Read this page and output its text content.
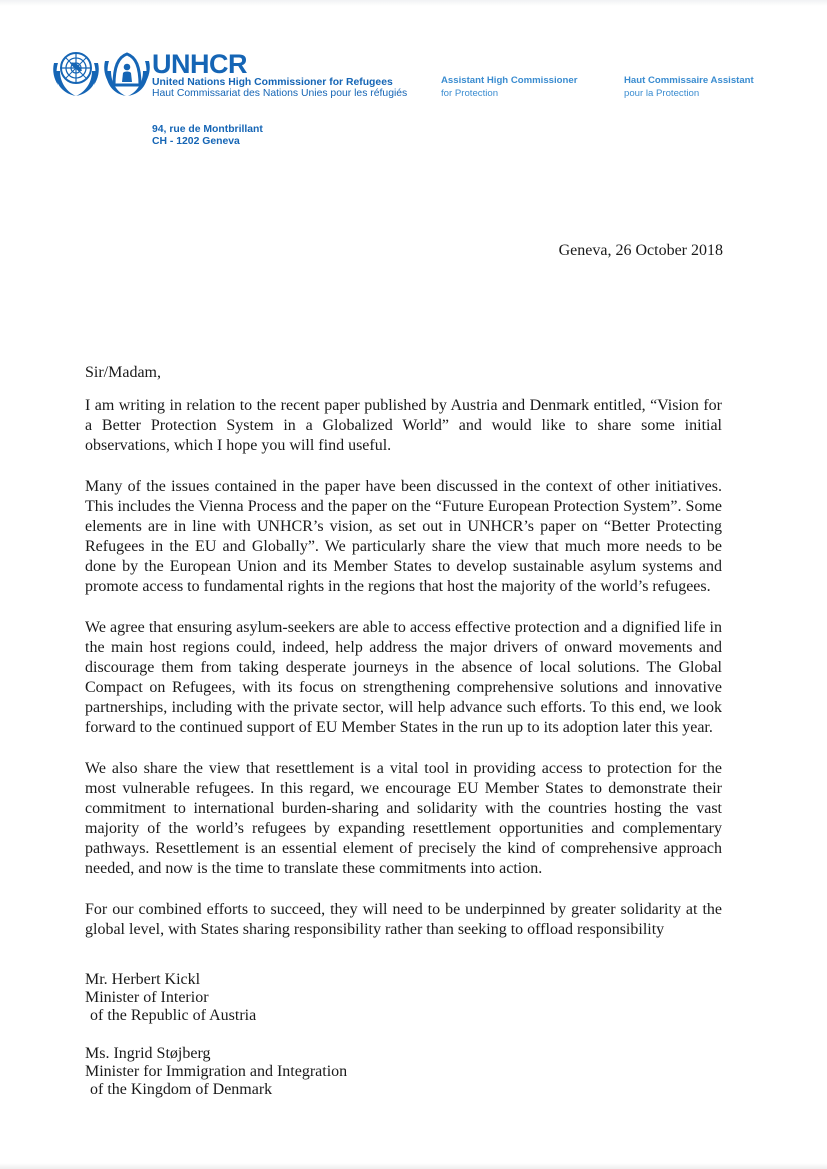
UNHCR
United Nations High Commissioner for Refugees
Haut Commissariat des Nations Unies pour les réfugiés
94, rue de Montbrillant
CH - 1202 Geneva
Assistant High Commissioner
for Protection
Haut Commissaire Assistant
pour la Protection
Geneva, 26 October 2018
Sir/Madam,

I am writing in relation to the recent paper published by Austria and Denmark entitled, “Vision for a Better Protection System in a Globalized World” and would like to share some initial observations, which I hope you will find useful.

Many of the issues contained in the paper have been discussed in the context of other initiatives. This includes the Vienna Process and the paper on the “Future European Protection System”. Some elements are in line with UNHCR’s vision, as set out in UNHCR’s paper on “Better Protecting Refugees in the EU and Globally”. We particularly share the view that much more needs to be done by the European Union and its Member States to develop sustainable asylum systems and promote access to fundamental rights in the regions that host the majority of the world’s refugees.

We agree that ensuring asylum-seekers are able to access effective protection and a dignified life in the main host regions could, indeed, help address the major drivers of onward movements and discourage them from taking desperate journeys in the absence of local solutions. The Global Compact on Refugees, with its focus on strengthening comprehensive solutions and innovative partnerships, including with the private sector, will help advance such efforts. To this end, we look forward to the continued support of EU Member States in the run up to its adoption later this year.

We also share the view that resettlement is a vital tool in providing access to protection for the most vulnerable refugees. In this regard, we encourage EU Member States to demonstrate their commitment to international burden-sharing and solidarity with the countries hosting the vast majority of the world’s refugees by expanding resettlement opportunities and complementary pathways. Resettlement is an essential element of precisely the kind of comprehensive approach needed, and now is the time to translate these commitments into action.

For our combined efforts to succeed, they will need to be underpinned by greater solidarity at the global level, with States sharing responsibility rather than seeking to offload responsibility

Mr. Herbert Kickl
Minister of Interior
of the Republic of Austria
Ms. Ingrid Støjberg
Minister for Immigration and Integration
of the Kingdom of Denmark
